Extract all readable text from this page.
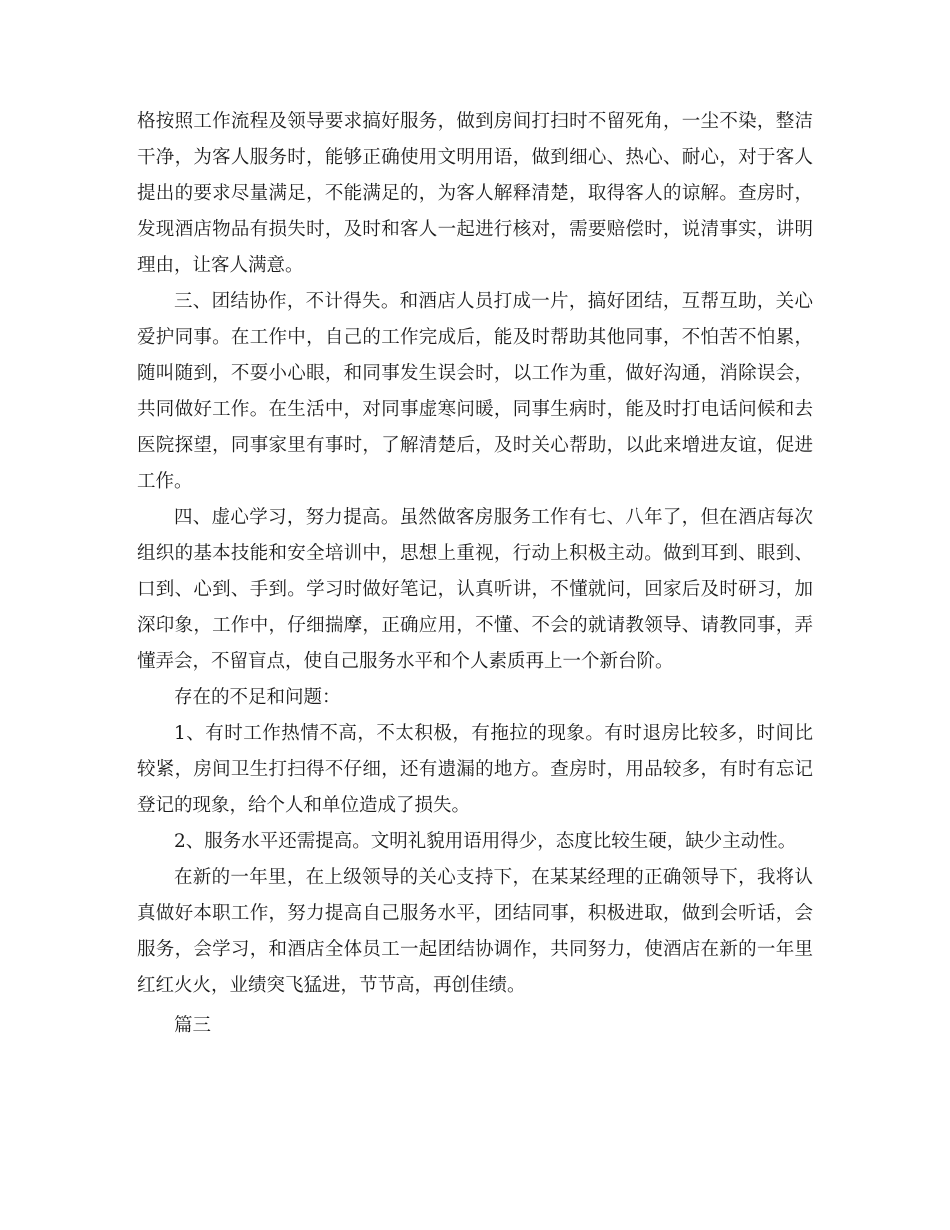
格按照工作流程及领导要求搞好服务，做到房间打扫时不留死角，一尘不染，整洁干净，为客人服务时，能够正确使用文明用语，做到细心、热心、耐心，对于客人提出的要求尽量满足，不能满足的，为客人解释清楚，取得客人的谅解。查房时，发现酒店物品有损失时，及时和客人一起进行核对，需要赔偿时，说清事实，讲明理由，让客人满意。

三、团结协作，不计得失。和酒店人员打成一片，搞好团结，互帮互助，关心爱护同事。在工作中，自己的工作完成后，能及时帮助其他同事，不怕苦不怕累，随叫随到，不耍小心眼，和同事发生误会时，以工作为重，做好沟通，消除误会，共同做好工作。在生活中，对同事虚寒问暖，同事生病时，能及时打电话问候和去医院探望，同事家里有事时，了解清楚后，及时关心帮助，以此来增进友谊，促进工作。

四、虚心学习，努力提高。虽然做客房服务工作有七、八年了，但在酒店每次组织的基本技能和安全培训中，思想上重视，行动上积极主动。做到耳到、眼到、口到、心到、手到。学习时做好笔记，认真听讲，不懂就问，回家后及时研习，加深印象，工作中，仔细揣摩，正确应用，不懂、不会的就请教领导、请教同事，弄懂弄会，不留盲点，使自己服务水平和个人素质再上一个新台阶。

存在的不足和问题：

1、有时工作热情不高，不太积极，有拖拉的现象。有时退房比较多，时间比较紧，房间卫生打扫得不仔细，还有遗漏的地方。查房时，用品较多，有时有忘记登记的现象，给个人和单位造成了损失。

2、服务水平还需提高。文明礼貌用语用得少，态度比较生硬，缺少主动性。

在新的一年里，在上级领导的关心支持下，在某某经理的正确领导下，我将认真做好本职工作，努力提高自己服务水平，团结同事，积极进取，做到会听话，会服务，会学习，和酒店全体员工一起团结协调作，共同努力，使酒店在新的一年里红红火火，业绩突飞猛进，节节高，再创佳绩。

篇三
